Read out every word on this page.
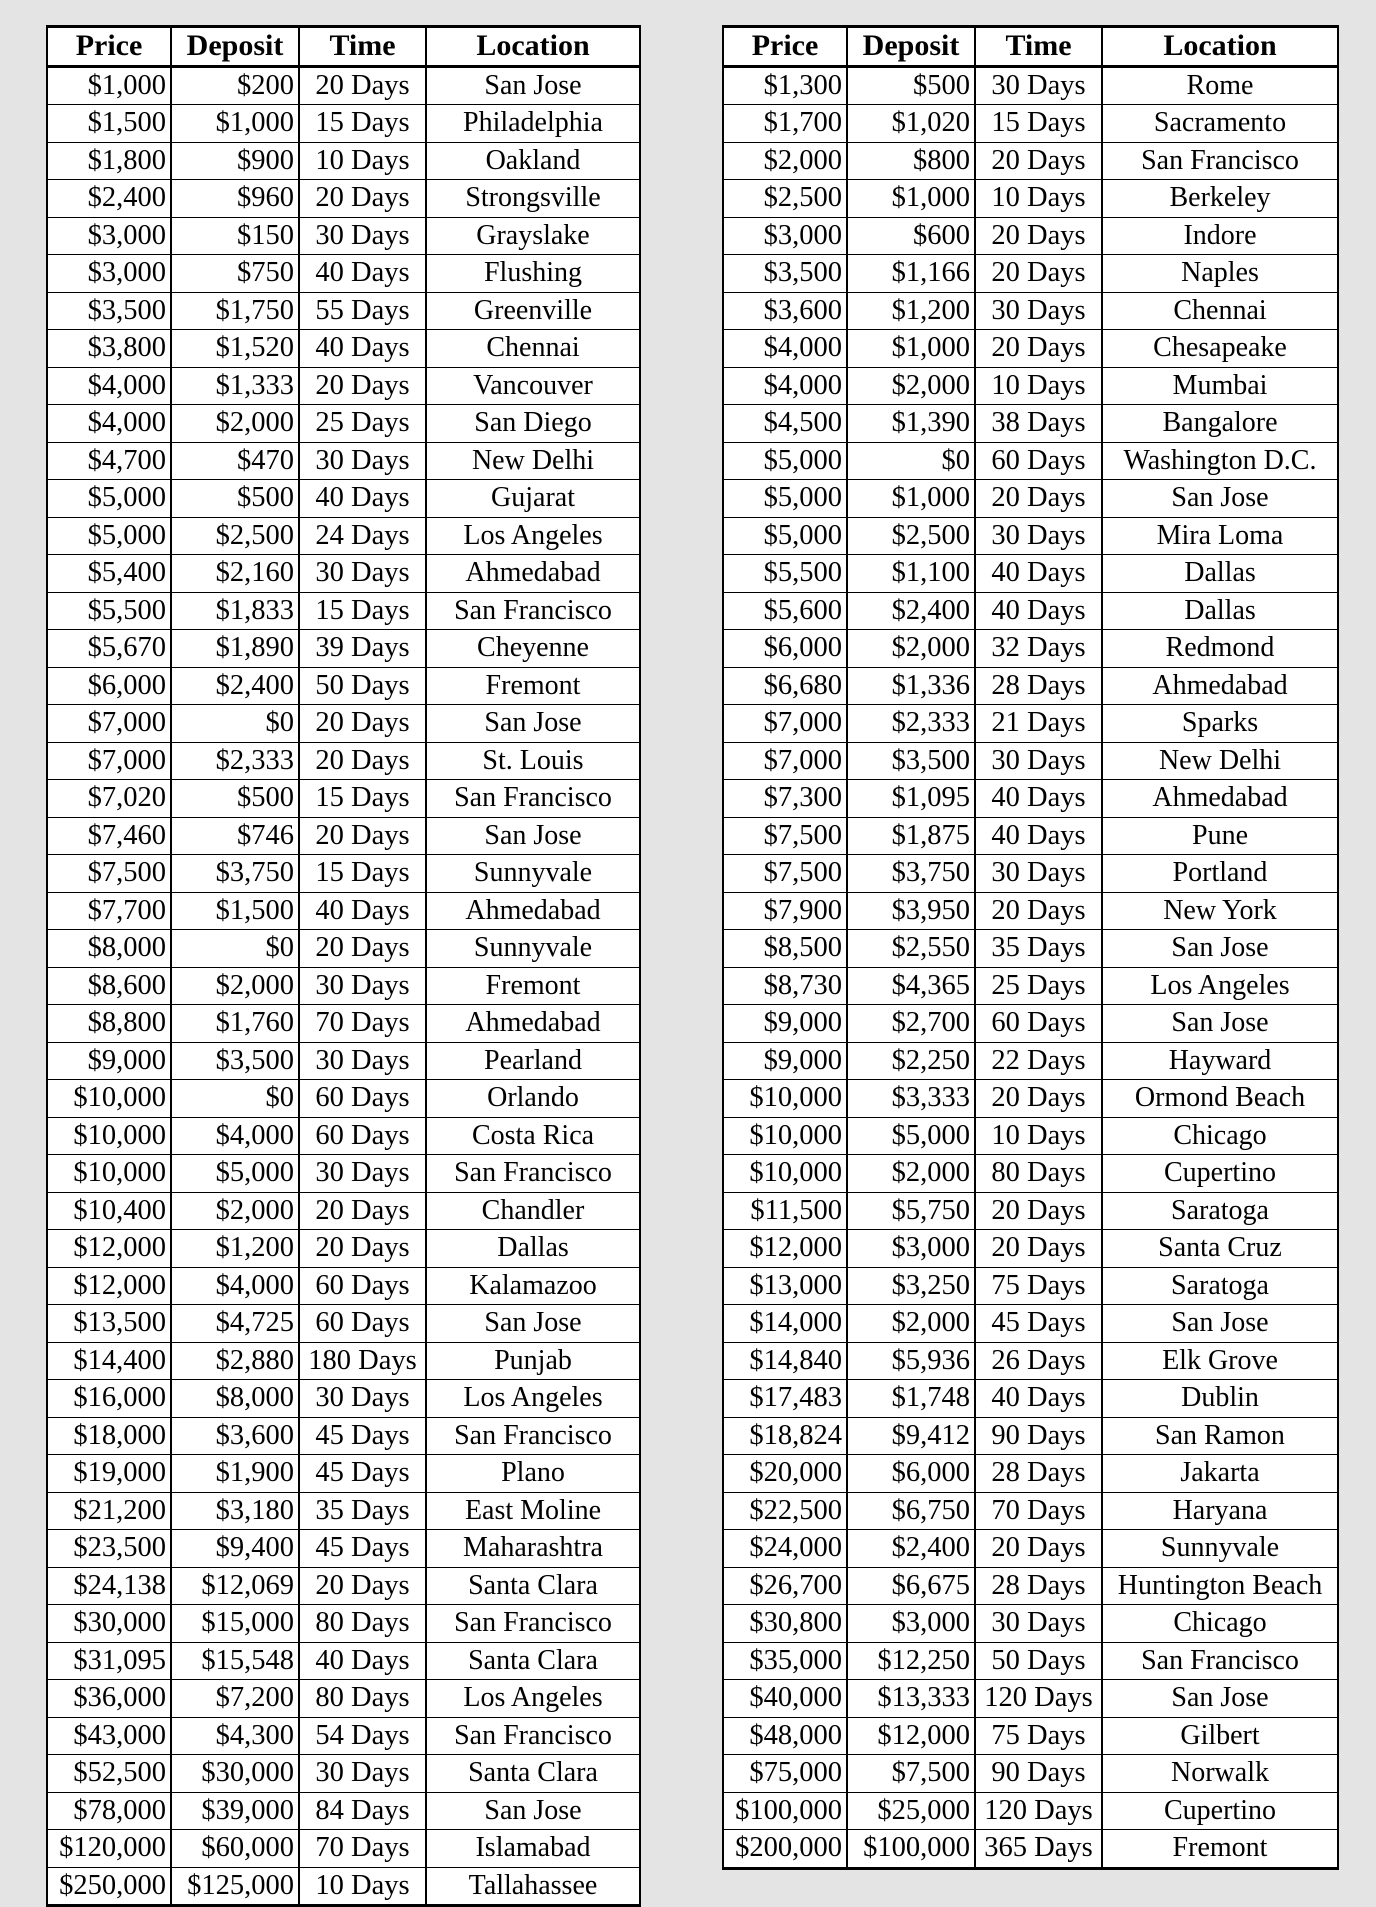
Price	Deposit	Time	Location
$1,000	$200	20 Days	San Jose
$1,500	$1,000	15 Days	Philadelphia
$1,800	$900	10 Days	Oakland
$2,400	$960	20 Days	Strongsville
$3,000	$150	30 Days	Grayslake
$3,000	$750	40 Days	Flushing
$3,500	$1,750	55 Days	Greenville
$3,800	$1,520	40 Days	Chennai
$4,000	$1,333	20 Days	Vancouver
$4,000	$2,000	25 Days	San Diego
$4,700	$470	30 Days	New Delhi
$5,000	$500	40 Days	Gujarat
$5,000	$2,500	24 Days	Los Angeles
$5,400	$2,160	30 Days	Ahmedabad
$5,500	$1,833	15 Days	San Francisco
$5,670	$1,890	39 Days	Cheyenne
$6,000	$2,400	50 Days	Fremont
$7,000	$0	20 Days	San Jose
$7,000	$2,333	20 Days	St. Louis
$7,020	$500	15 Days	San Francisco
$7,460	$746	20 Days	San Jose
$7,500	$3,750	15 Days	Sunnyvale
$7,700	$1,500	40 Days	Ahmedabad
$8,000	$0	20 Days	Sunnyvale
$8,600	$2,000	30 Days	Fremont
$8,800	$1,760	70 Days	Ahmedabad
$9,000	$3,500	30 Days	Pearland
$10,000	$0	60 Days	Orlando
$10,000	$4,000	60 Days	Costa Rica
$10,000	$5,000	30 Days	San Francisco
$10,400	$2,000	20 Days	Chandler
$12,000	$1,200	20 Days	Dallas
$12,000	$4,000	60 Days	Kalamazoo
$13,500	$4,725	60 Days	San Jose
$14,400	$2,880	180 Days	Punjab
$16,000	$8,000	30 Days	Los Angeles
$18,000	$3,600	45 Days	San Francisco
$19,000	$1,900	45 Days	Plano
$21,200	$3,180	35 Days	East Moline
$23,500	$9,400	45 Days	Maharashtra
$24,138	$12,069	20 Days	Santa Clara
$30,000	$15,000	80 Days	San Francisco
$31,095	$15,548	40 Days	Santa Clara
$36,000	$7,200	80 Days	Los Angeles
$43,000	$4,300	54 Days	San Francisco
$52,500	$30,000	30 Days	Santa Clara
$78,000	$39,000	84 Days	San Jose
$120,000	$60,000	70 Days	Islamabad
$250,000	$125,000	10 Days	Tallahassee
Price	Deposit	Time	Location
$1,300	$500	30 Days	Rome
$1,700	$1,020	15 Days	Sacramento
$2,000	$800	20 Days	San Francisco
$2,500	$1,000	10 Days	Berkeley
$3,000	$600	20 Days	Indore
$3,500	$1,166	20 Days	Naples
$3,600	$1,200	30 Days	Chennai
$4,000	$1,000	20 Days	Chesapeake
$4,000	$2,000	10 Days	Mumbai
$4,500	$1,390	38 Days	Bangalore
$5,000	$0	60 Days	Washington D.C.
$5,000	$1,000	20 Days	San Jose
$5,000	$2,500	30 Days	Mira Loma
$5,500	$1,100	40 Days	Dallas
$5,600	$2,400	40 Days	Dallas
$6,000	$2,000	32 Days	Redmond
$6,680	$1,336	28 Days	Ahmedabad
$7,000	$2,333	21 Days	Sparks
$7,000	$3,500	30 Days	New Delhi
$7,300	$1,095	40 Days	Ahmedabad
$7,500	$1,875	40 Days	Pune
$7,500	$3,750	30 Days	Portland
$7,900	$3,950	20 Days	New York
$8,500	$2,550	35 Days	San Jose
$8,730	$4,365	25 Days	Los Angeles
$9,000	$2,700	60 Days	San Jose
$9,000	$2,250	22 Days	Hayward
$10,000	$3,333	20 Days	Ormond Beach
$10,000	$5,000	10 Days	Chicago
$10,000	$2,000	80 Days	Cupertino
$11,500	$5,750	20 Days	Saratoga
$12,000	$3,000	20 Days	Santa Cruz
$13,000	$3,250	75 Days	Saratoga
$14,000	$2,000	45 Days	San Jose
$14,840	$5,936	26 Days	Elk Grove
$17,483	$1,748	40 Days	Dublin
$18,824	$9,412	90 Days	San Ramon
$20,000	$6,000	28 Days	Jakarta
$22,500	$6,750	70 Days	Haryana
$24,000	$2,400	20 Days	Sunnyvale
$26,700	$6,675	28 Days	Huntington Beach
$30,800	$3,000	30 Days	Chicago
$35,000	$12,250	50 Days	San Francisco
$40,000	$13,333	120 Days	San Jose
$48,000	$12,000	75 Days	Gilbert
$75,000	$7,500	90 Days	Norwalk
$100,000	$25,000	120 Days	Cupertino
$200,000	$100,000	365 Days	Fremont
